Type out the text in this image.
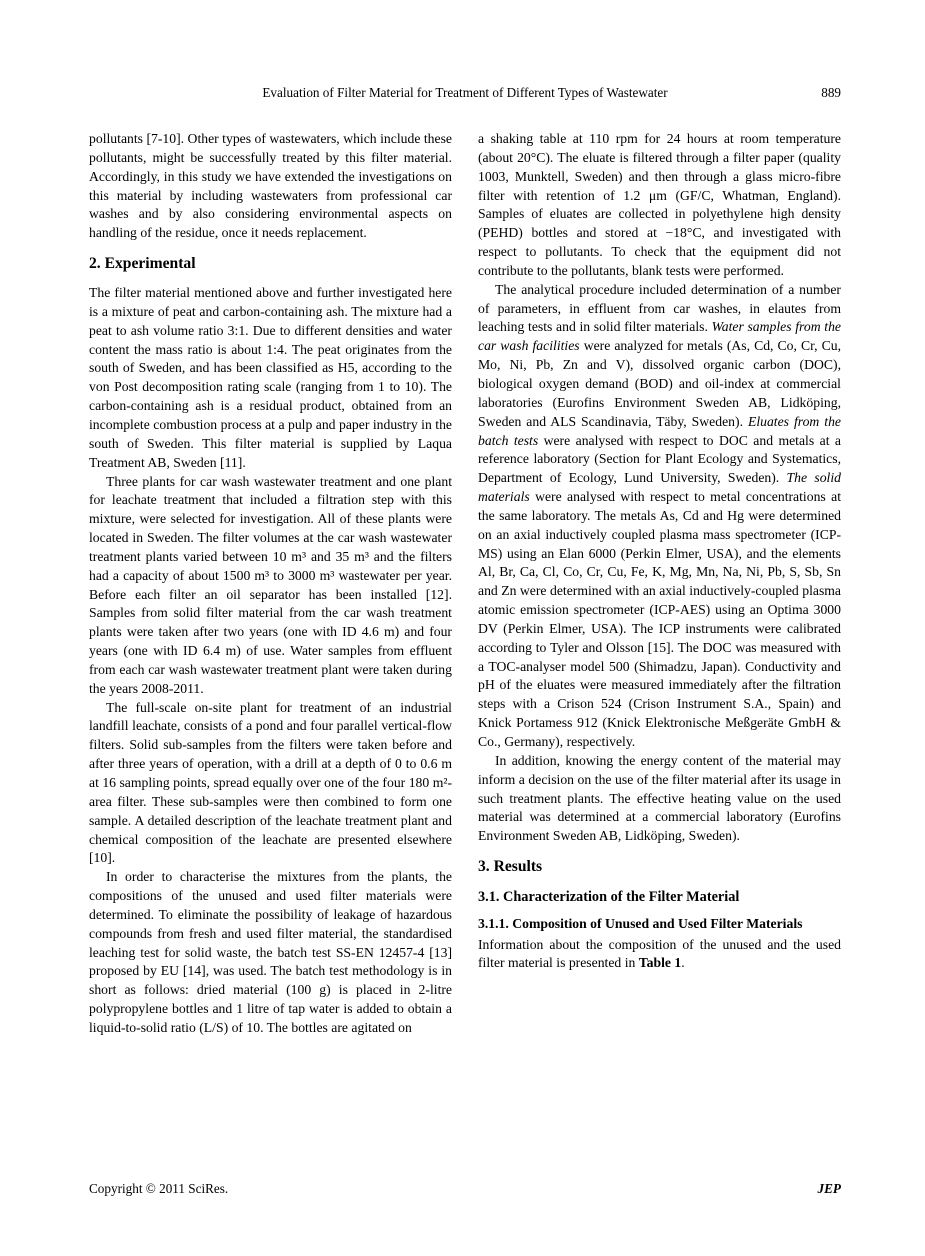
Evaluation of Filter Material for Treatment of Different Types of Wastewater	889

pollutants [7-10]. Other types of wastewaters, which include these pollutants, might be successfully treated by this filter material. Accordingly, in this study we have extended the investigations on this material by including wastewaters from professional car washes and by also considering environmental aspects on handling of the residue, once it needs replacement.

2. Experimental

The filter material mentioned above and further investigated here is a mixture of peat and carbon-containing ash. The mixture had a peat to ash volume ratio 3:1. Due to different densities and water content the mass ratio is about 1:4. The peat originates from the south of Sweden, and has been classified as H5, according to the von Post decomposition rating scale (ranging from 1 to 10). The carbon-containing ash is a residual product, obtained from an incomplete combustion process at a pulp and paper industry in the south of Sweden. This filter material is supplied by Laqua Treatment AB, Sweden [11].

Three plants for car wash wastewater treatment and one plant for leachate treatment that included a filtration step with this mixture, were selected for investigation. All of these plants were located in Sweden. The filter volumes at the car wash wastewater treatment plants varied between 10 m³ and 35 m³ and the filters had a capacity of about 1500 m³ to 3000 m³ wastewater per year. Before each filter an oil separator has been installed [12]. Samples from solid filter material from the car wash treatment plants were taken after two years (one with ID 4.6 m) and four years (one with ID 6.4 m) of use. Water samples from effluent from each car wash wastewater treatment plant were taken during the years 2008-2011.

The full-scale on-site plant for treatment of an industrial landfill leachate, consists of a pond and four parallel vertical-flow filters. Solid sub-samples from the filters were taken before and after three years of operation, with a drill at a depth of 0 to 0.6 m at 16 sampling points, spread equally over one of the four 180 m²-area filter. These sub-samples were then combined to form one sample. A detailed description of the leachate treatment plant and chemical composition of the leachate are presented elsewhere [10].

In order to characterise the mixtures from the plants, the compositions of the unused and used filter materials were determined. To eliminate the possibility of leakage of hazardous compounds from fresh and used filter material, the standardised leaching test for solid waste, the batch test SS-EN 12457-4 [13] proposed by EU [14], was used. The batch test methodology is in short as follows: dried material (100 g) is placed in 2-litre polypropylene bottles and 1 litre of tap water is added to obtain a liquid-to-solid ratio (L/S) of 10. The bottles are agitated on

a shaking table at 110 rpm for 24 hours at room temperature (about 20°C). The eluate is filtered through a filter paper (quality 1003, Munktell, Sweden) and then through a glass micro-fibre filter with retention of 1.2 μm (GF/C, Whatman, England). Samples of eluates are collected in polyethylene high density (PEHD) bottles and stored at −18°C, and investigated with respect to pollutants. To check that the equipment did not contribute to the pollutants, blank tests were performed.

The analytical procedure included determination of a number of parameters, in effluent from car washes, in elautes from leaching tests and in solid filter materials. Water samples from the car wash facilities were analyzed for metals (As, Cd, Co, Cr, Cu, Mo, Ni, Pb, Zn and V), dissolved organic carbon (DOC), biological oxygen demand (BOD) and oil-index at commercial laboratories (Eurofins Environment Sweden AB, Lidköping, Sweden and ALS Scandinavia, Täby, Sweden). Eluates from the batch tests were analysed with respect to DOC and metals at a reference laboratory (Section for Plant Ecology and Systematics, Department of Ecology, Lund University, Sweden). The solid materials were analysed with respect to metal concentrations at the same laboratory. The metals As, Cd and Hg were determined on an axial inductively coupled plasma mass spectrometer (ICP-MS) using an Elan 6000 (Perkin Elmer, USA), and the elements Al, Br, Ca, Cl, Co, Cr, Cu, Fe, K, Mg, Mn, Na, Ni, Pb, S, Sb, Sn and Zn were determined with an axial inductively-coupled plasma atomic emission spectrometer (ICP-AES) using an Optima 3000 DV (Perkin Elmer, USA). The ICP instruments were calibrated according to Tyler and Olsson [15]. The DOC was measured with a TOC-analyser model 500 (Shimadzu, Japan). Conductivity and pH of the eluates were measured immediately after the filtration steps with a Crison 524 (Crison Instrument S.A., Spain) and Knick Portamess 912 (Knick Elektronische Meßgeräte GmbH & Co., Germany), respectively.

In addition, knowing the energy content of the material may inform a decision on the use of the filter material after its usage in such treatment plants. The effective heating value on the used material was determined at a commercial laboratory (Eurofins Environment Sweden AB, Lidköping, Sweden).

3. Results
3.1. Characterization of the Filter Material
3.1.1. Composition of Unused and Used Filter Materials

Information about the composition of the unused and the used filter material is presented in Table 1.

Copyright © 2011 SciRes.	JEP
